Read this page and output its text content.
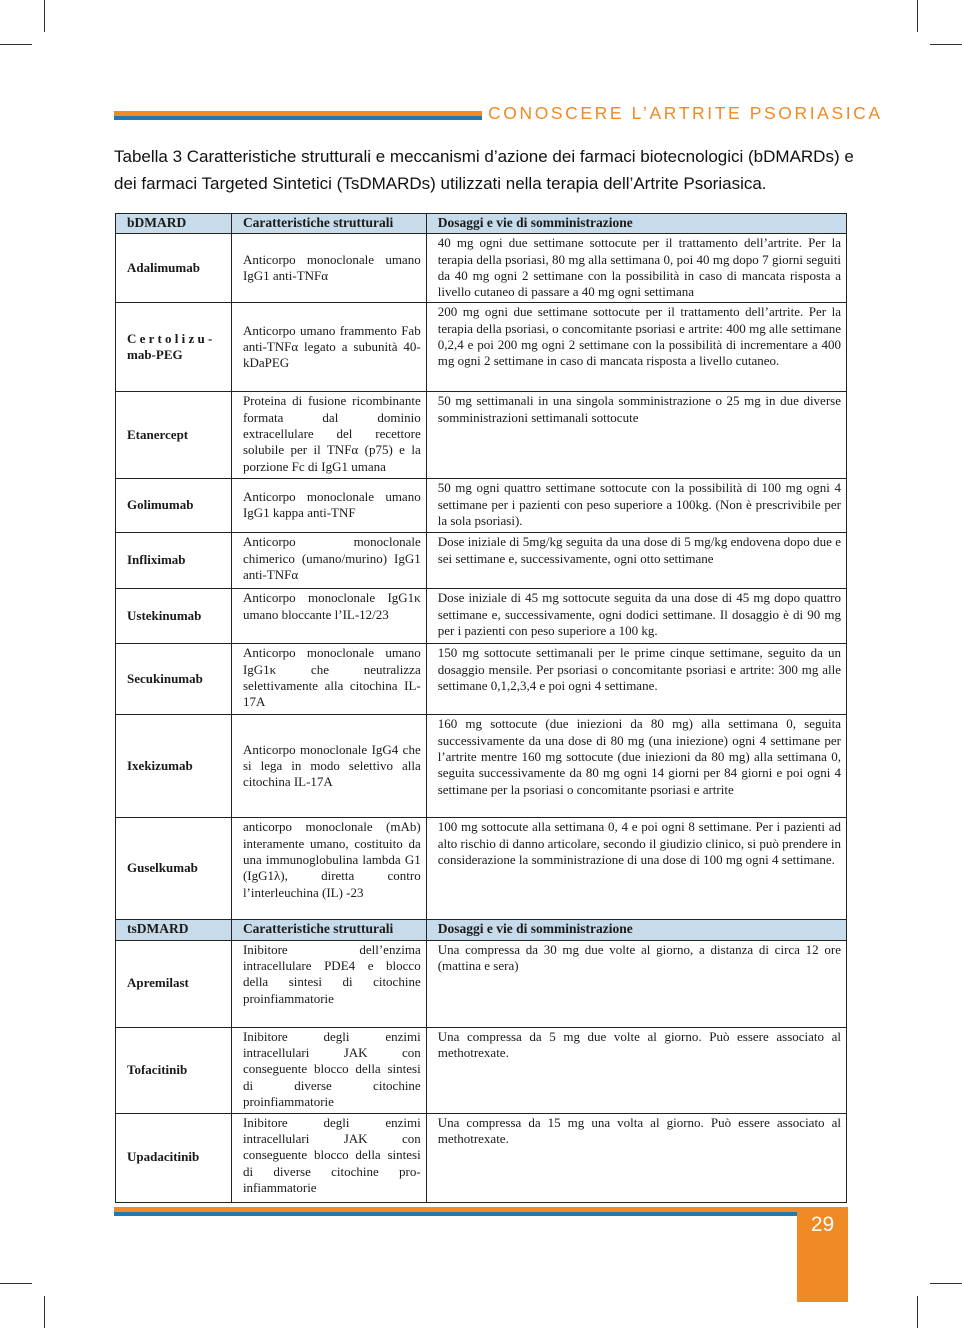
CONOSCERE L’ARTRITE PSORIASICA
Tabella 3 Caratteristiche strutturali e meccanismi d’azione dei farmaci biotecnologici (bDMARDs) e dei farmaci Targeted Sintetici (TsDMARDs) utilizzati nella terapia dell’Artrite Psoriasica.
bDMARD	Caratteristiche strutturali	Dosaggi e vie di somministrazione
Adalimumab	Anticorpo monoclonale umano IgG1 anti-TNFα	40 mg ogni due settimane sottocute per il trattamento dell’artrite. Per la terapia della psoriasi, 80 mg alla settimana 0, poi 40 mg dopo 7 giorni seguiti da 40 mg ogni 2 settimane con la possibilità in caso di mancata risposta a livello cutaneo di passare a 40 mg ogni settimana
C e r t o l i z u - mab-PEG	Anticorpo umano frammento Fab anti-TNFα legato a subunità 40-kDaPEG	200 mg ogni due settimane sottocute per il trattamento dell’artrite. Per la terapia della psoriasi, o concomitante psoriasi e artrite: 400 mg alle settimane 0,2,4 e poi 200 mg ogni 2 settimane con la possibilità di incrementare a 400 mg ogni 2 settimane in caso di mancata risposta a livello cutaneo.
Etanercept	Proteina di fusione ricombinante formata dal dominio extracellulare del recettore solubile per il TNFα (p75) e la porzione Fc di IgG1 umana	50 mg settimanali in una singola somministrazione o 25 mg in due diverse somministrazioni settimanali sottocute
Golimumab	Anticorpo monoclonale umano IgG1 kappa anti-TNF	50 mg ogni quattro settimane sottocute con la possibilità di 100 mg ogni 4 settimane per i pazienti con peso superiore a 100kg. (Non è prescrivibile per la sola psoriasi).
Infliximab	Anticorpo monoclonale chimerico (umano/murino) IgG1 anti-TNFα	Dose iniziale di 5mg/kg seguita da una dose di 5 mg/kg endovena dopo due e sei settimane e, successivamente, ogni otto settimane
Ustekinumab	Anticorpo monoclonale IgG1κ umano bloccante l’IL-12/23	Dose iniziale di 45 mg sottocute seguita da una dose di 45 mg dopo quattro settimane e, successivamente, ogni dodici settimane. Il dosaggio è di 90 mg per i pazienti con peso superiore a 100 kg.
Secukinumab	Anticorpo monoclonale umano IgG1κ che neutralizza selettivamente alla citochina IL-17A	150 mg sottocute settimanali per le prime cinque settimane, seguito da un dosaggio mensile. Per psoriasi o concomitante psoriasi e artrite: 300 mg alle settimane 0,1,2,3,4 e poi ogni 4 settimane.
Ixekizumab	Anticorpo monoclonale IgG4 che si lega in modo selettivo alla citochina IL-17A	160 mg sottocute (due iniezioni da 80 mg) alla settimana 0, seguita successivamente da una dose di 80 mg (una iniezione) ogni 4 settimane per l’artrite mentre 160 mg sottocute (due iniezioni da 80 mg) alla settimana 0, seguita successivamente da 80 mg ogni 14 giorni per 84 giorni e poi ogni 4 settimane per la psoriasi o concomitante psoriasi e artrite
Guselkumab	anticorpo monoclonale (mAb) interamente umano, costituito da una immunoglobulina lambda G1 (IgG1λ), diretta contro l’interleuchina (IL) -23	100 mg sottocute alla settimana 0, 4 e poi ogni 8 settimane. Per i pazienti ad alto rischio di danno articolare, secondo il giudizio clinico, si può prendere in considerazione la somministrazione di una dose di 100 mg ogni 4 settimane.
tsDMARD	Caratteristiche strutturali	Dosaggi e vie di somministrazione
Apremilast	Inibitore dell’enzima intracellulare PDE4 e blocco della sintesi di citochine proinfiammatorie	Una compressa da 30 mg due volte al giorno, a distanza di circa 12 ore (mattina e sera)
Tofacitinib	Inibitore degli enzimi intracellulari JAK con conseguente blocco della sintesi di diverse citochine proinfiammatorie	Una compressa da 5 mg due volte al giorno. Può essere associato al methotrexate.
Upadacitinib	Inibitore degli enzimi intracellulari JAK con conseguente blocco della sintesi di diverse citochine pro-infiammatorie	Una compressa da 15 mg una volta al giorno. Può essere associato al methotrexate.
29
